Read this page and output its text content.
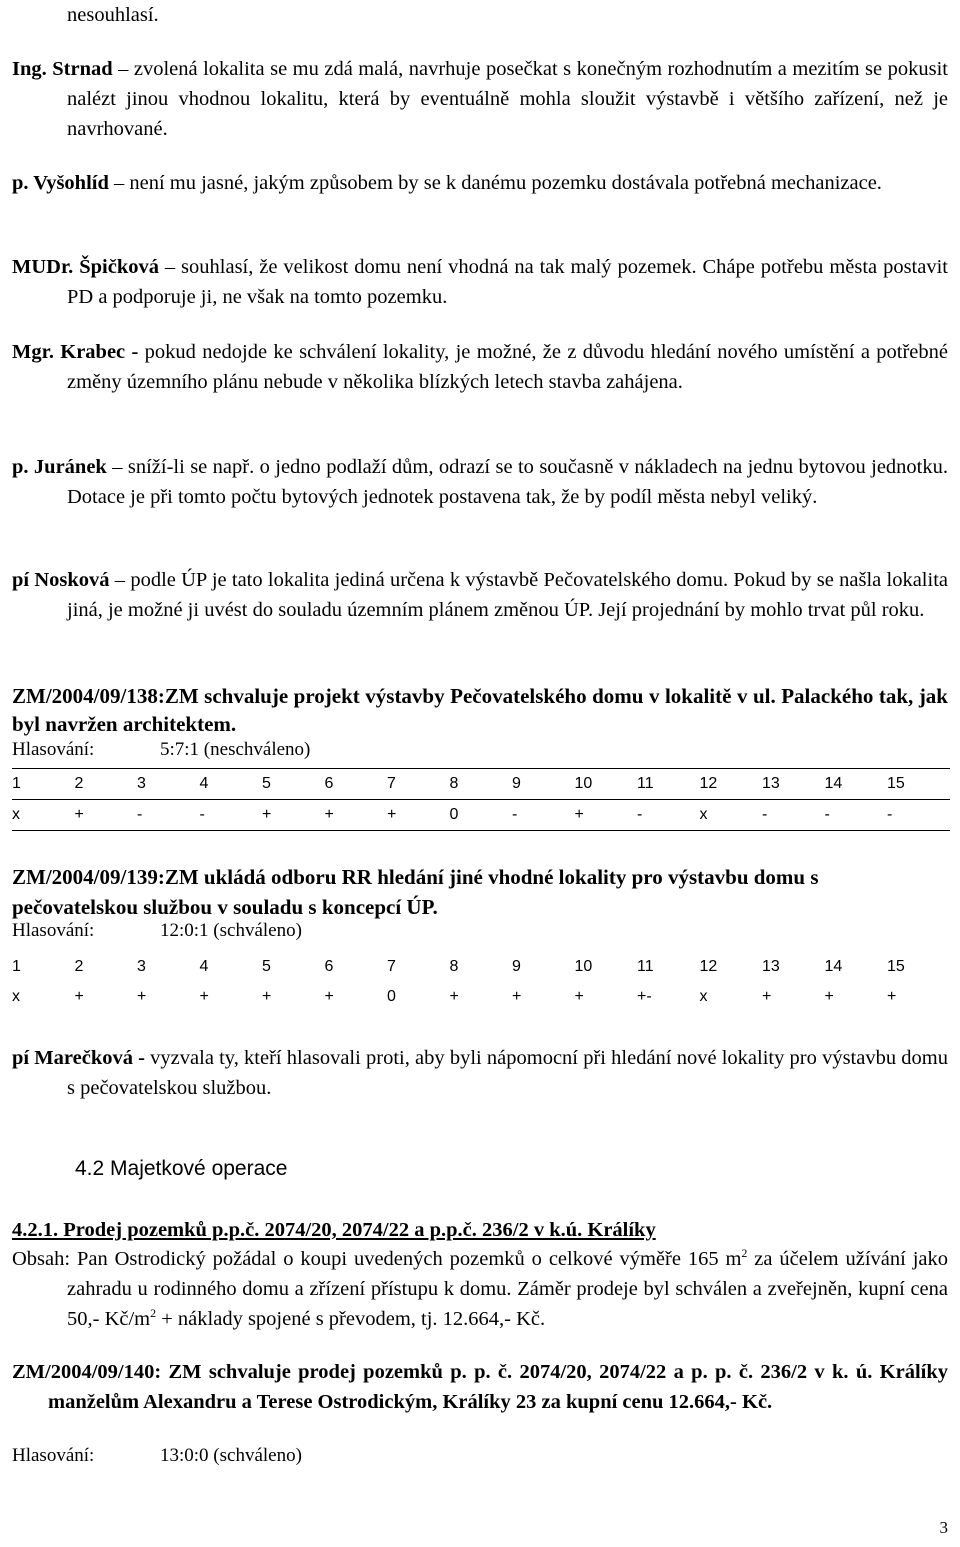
nesouhlasí.
Ing. Strnad – zvolená lokalita se mu zdá malá, navrhuje posečkat s konečným rozhodnutím a mezitím se pokusit nalézt jinou vhodnou lokalitu, která by eventuálně mohla sloužit výstavbě i většího zařízení, než je navrhované.
p. Vyšohlíd – není mu jasné, jakým způsobem by se k danému pozemku dostávala potřebná mechanizace.
MUDr. Špičková – souhlasí, že velikost domu není vhodná na tak malý pozemek. Chápe potřebu města postavit PD a podporuje ji, ne však na tomto pozemku.
Mgr. Krabec - pokud nedojde ke schválení lokality, je možné, že z důvodu hledání nového umístění a potřebné změny územního plánu nebude v několika blízkých letech stavba zahájena.
p. Juránek – sníží-li se např. o jedno podlaží dům, odrazí se to současně v nákladech na jednu bytovou jednotku. Dotace je při tomto počtu bytových jednotek postavena tak, že by podíl města nebyl veliký.
pí Nosková – podle ÚP je tato lokalita jediná určena k výstavbě Pečovatelského domu. Pokud by se našla lokalita jiná, je možné ji uvést do souladu územním plánem změnou ÚP. Její projednání by mohlo trvat půl roku.
ZM/2004/09/138:ZM schvaluje projekt výstavby Pečovatelského domu v lokalitě v ul. Palackého tak, jak byl navržen architektem.
Hlasování:	5:7:1 (neschváleno)
1	2	3	4	5	6	7	8	9	10	11	12	13	14	15
x	+	-	-	+	+	+	0	-	+	-	x	-	-	-
ZM/2004/09/139:ZM ukládá odboru RR hledání jiné vhodné lokality pro výstavbu domu s pečovatelskou službou v souladu s koncepcí ÚP.
Hlasování:	12:0:1 (schváleno)
1	2	3	4	5	6	7	8	9	10	11	12	13	14	15
x	+	+	+	+	+	0	+	+	+	+-	x	+	+	+
pí Marečková - vyzvala ty, kteří hlasovali proti, aby byli nápomocní při hledání nové lokality pro výstavbu domu s pečovatelskou službou.
4.2 Majetkové operace
4.2.1. Prodej pozemků p.p.č. 2074/20, 2074/22 a p.p.č. 236/2 v k.ú. Králíky
Obsah: Pan Ostrodický požádal o koupi uvedených pozemků o celkové výměře 165 $m^2$ za účelem užívání jako zahradu u rodinného domu a zřízení přístupu k domu. Záměr prodeje byl schválen a zveřejněn, kupní cena 50,- $Kč/m^2$ + náklady spojené s převodem, tj. 12.664,- Kč.
ZM/2004/09/140: ZM schvaluje prodej pozemků p. p. č. 2074/20, 2074/22 a p. p. č. 236/2 v k. ú. Králíky manželům Alexandru a Terese Ostrodickým, Králíky 23 za kupní cenu 12.664,- Kč.
Hlasování:	13:0:0 (schváleno)
3
